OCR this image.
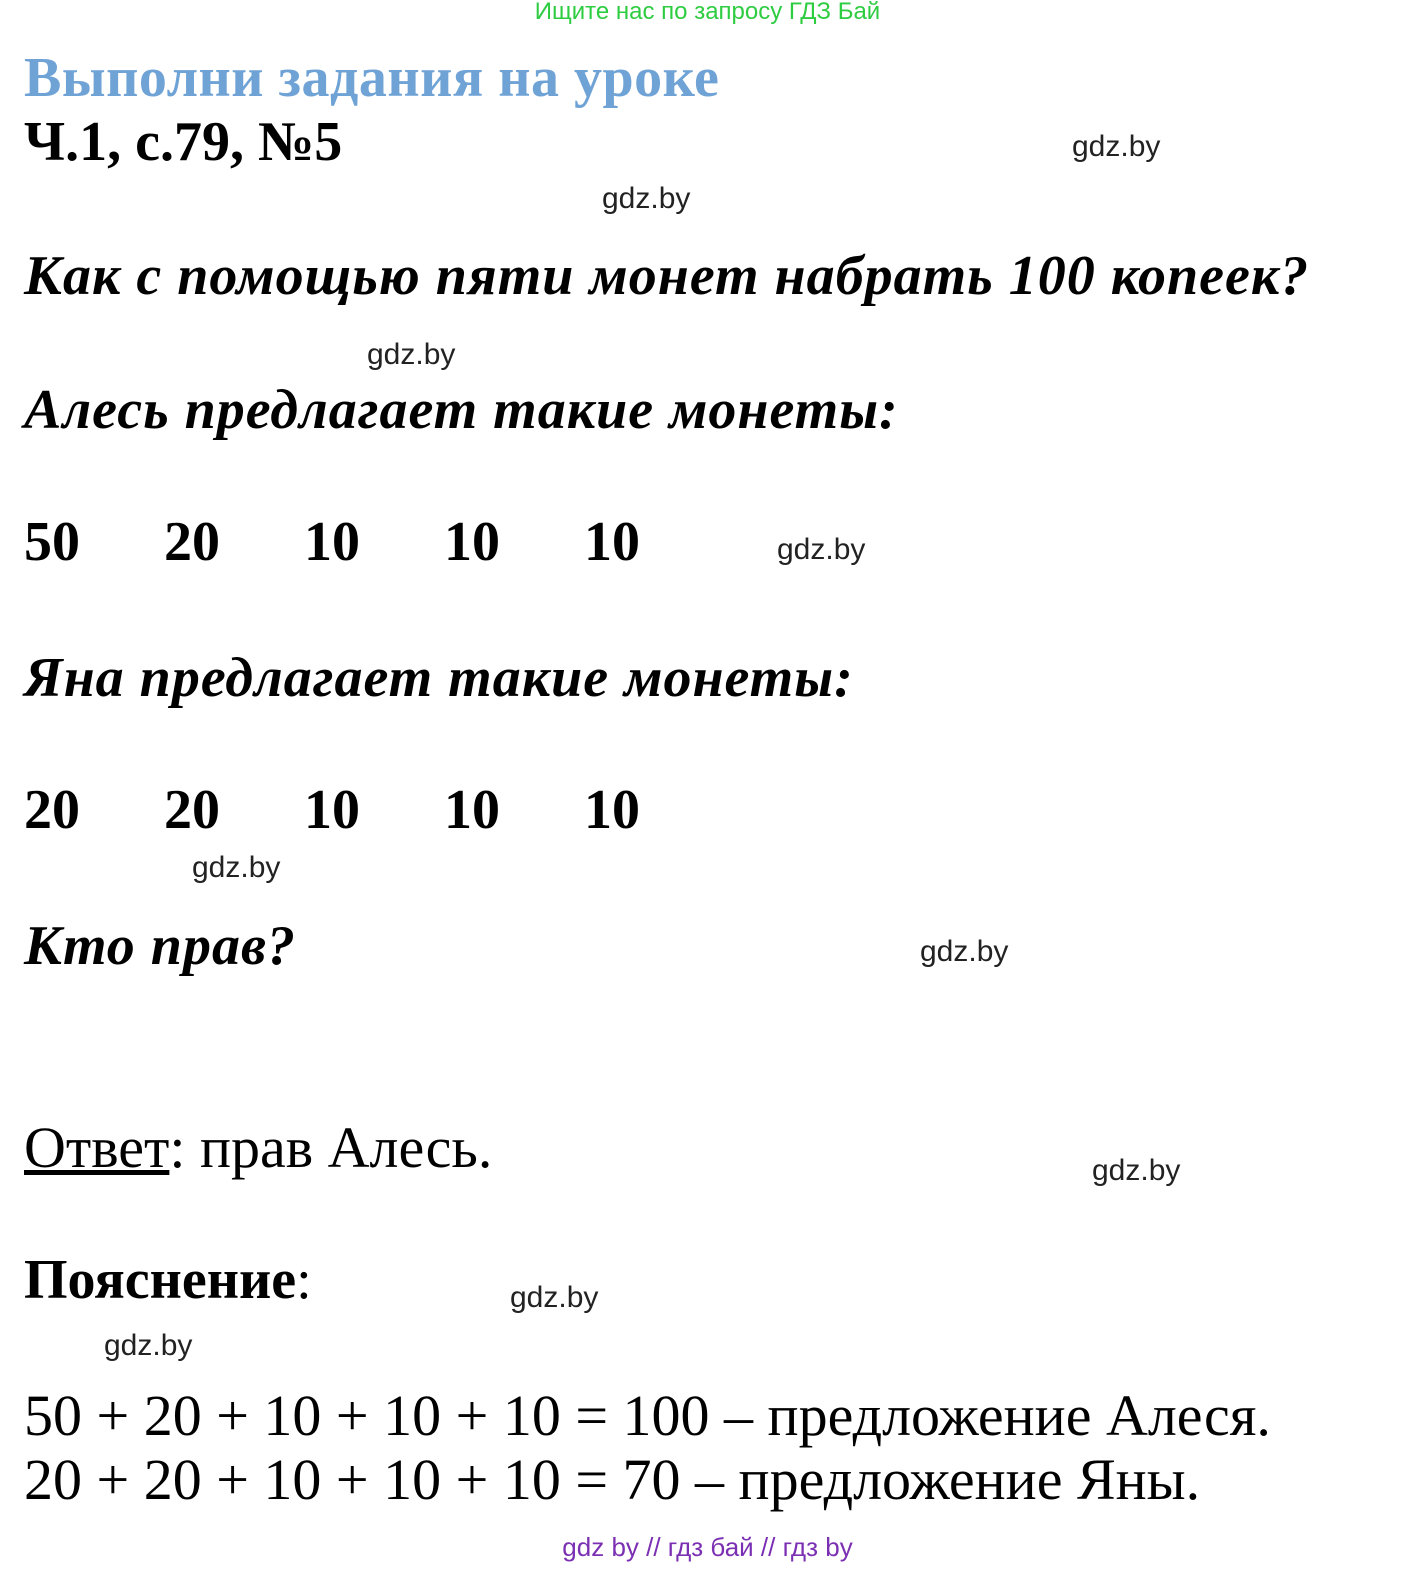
Ищите нас по запросу ГДЗ Бай
Выполни задания на уроке
Ч.1, с.79, №5
Как с помощью пяти монет набрать 100 копеек?
Алесь предлагает такие монеты:
50 20 10 10 10
Яна предлагает такие монеты:
20 20 10 10 10
Кто прав?
Ответ: прав Алесь.
Пояснение:
50 + 20 + 10 + 10 + 10 = 100 – предложение Алеся.
20 + 20 + 10 + 10 + 10 = 70 – предложение Яны.
gdz.by
gdz.by
gdz.by
gdz.by
gdz.by
gdz.by
gdz.by
gdz.by
gdz.by
gdz by // гдз бай // гдз by
